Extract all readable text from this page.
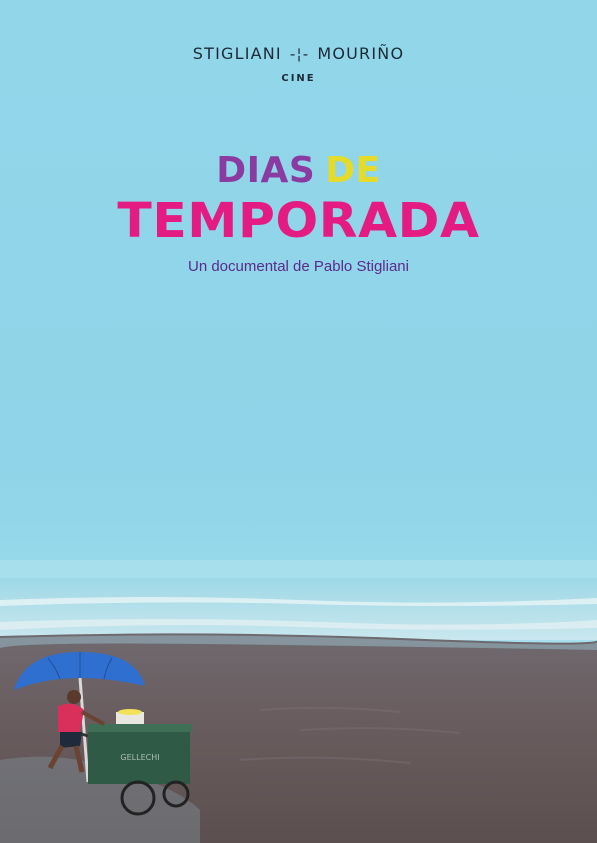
STIGLIANI -¦- MOURIÑO
CINE
DIAS DE
TEMPORADA
Un documental de Pablo Stigliani
GELLECHI
